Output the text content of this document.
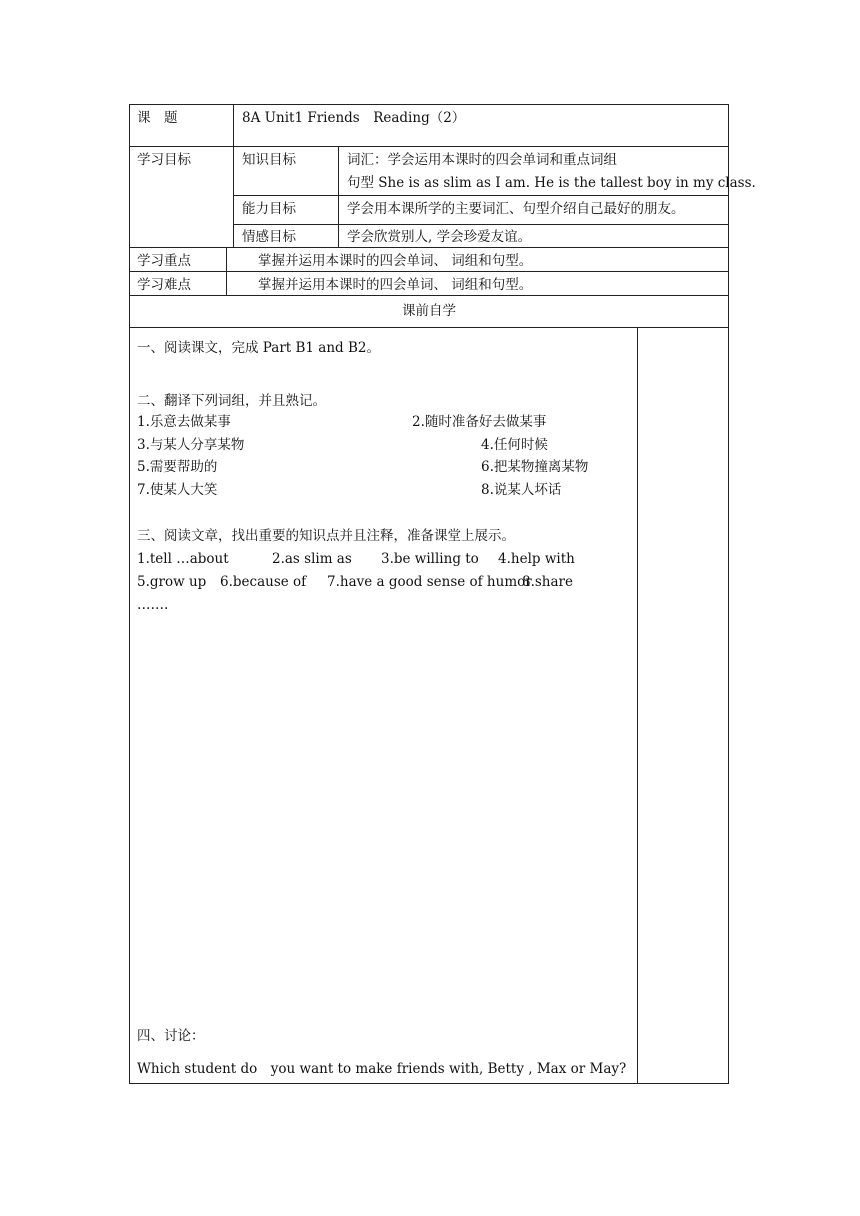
课　题	8A Unit1 Friends　Reading（2）
学习目标	知识目标	词汇：学会运用本课时的四会单词和重点词组
句型 She is as slim as I am. He is the tallest boy in my class.
能力目标	学会用本课所学的主要词汇、句型介绍自己最好的朋友。
情感目标	学会欣赏别人, 学会珍爱友谊。
学习重点	掌握并运用本课时的四会单词、 词组和句型。
学习难点	掌握并运用本课时的四会单词、 词组和句型。
课前自学
一、阅读课文，完成 Part B1 and B2。
二、翻译下列词组，并且熟记。
1.乐意去做某事	2.随时准备好去做某事
3.与某人分享某物	4.任何时候
5.需要帮助的	6.把某物撞离某物
7.使某人大笑	8.说某人坏话
三、阅读文章，找出重要的知识点并且注释，准备课堂上展示。
1.tell …about	2.as slim as 3.be willing to 4.help with
5.grow up 6.because of 7.have a good sense of humor
8.share
…….
四、讨论：
Which student do　you want to make friends with, Betty , Max or May?
